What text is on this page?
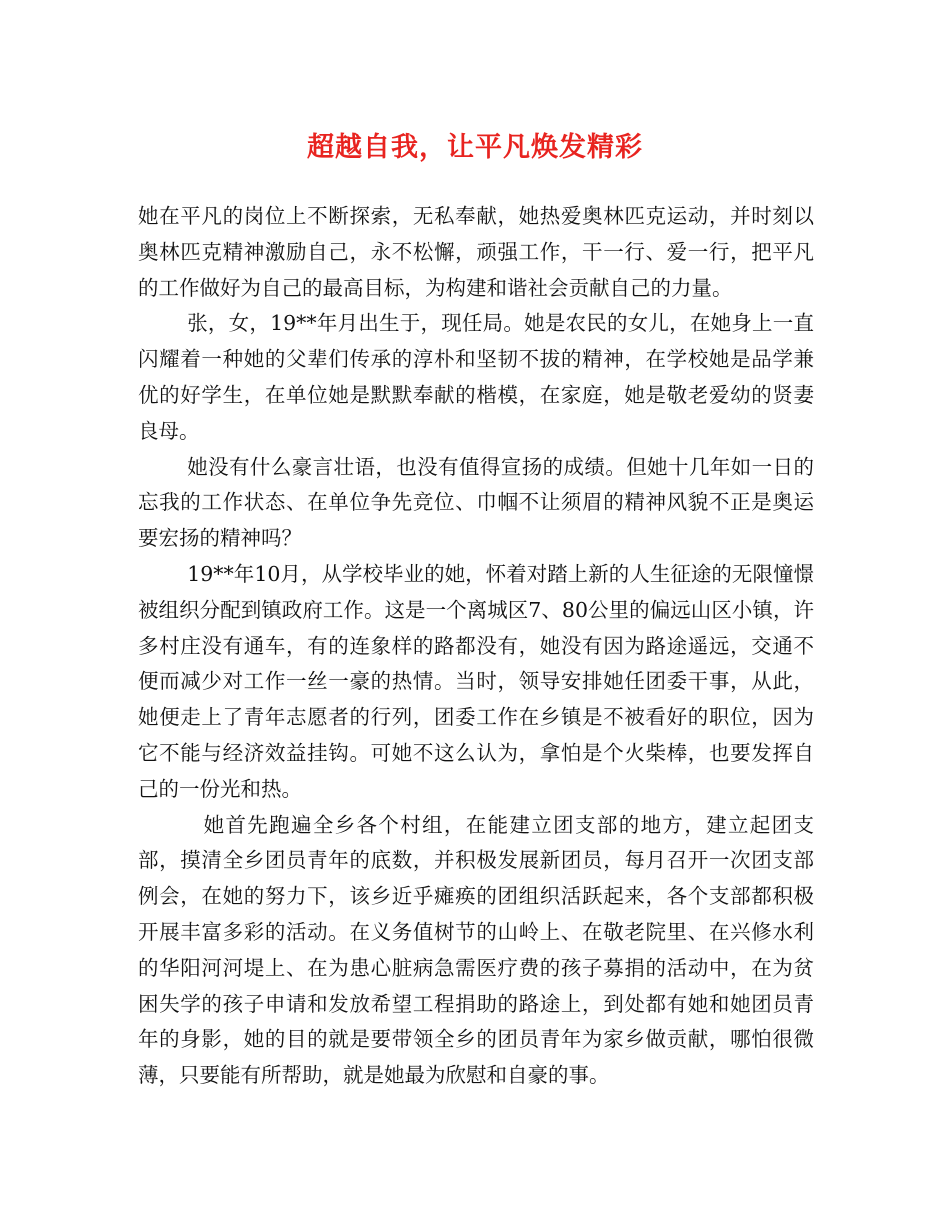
超越自我，让平凡焕发精彩

她在平凡的岗位上不断探索，无私奉献，她热爱奥林匹克运动，并时刻以奥林匹克精神激励自己，永不松懈，顽强工作，干一行、爱一行，把平凡的工作做好为自己的最高目标，为构建和谐社会贡献自己的力量。

张，女，19**年月出生于，现任局。她是农民的女儿，在她身上一直闪耀着一种她的父辈们传承的淳朴和坚韧不拔的精神，在学校她是品学兼优的好学生，在单位她是默默奉献的楷模，在家庭，她是敬老爱幼的贤妻良母。

她没有什么豪言壮语，也没有值得宣扬的成绩。但她十几年如一日的忘我的工作状态、在单位争先竞位、巾帼不让须眉的精神风貌不正是奥运要宏扬的精神吗？

19**年10月，从学校毕业的她，怀着对踏上新的人生征途的无限憧憬被组织分配到镇政府工作。这是一个离城区7、80公里的偏远山区小镇，许多村庄没有通车，有的连象样的路都没有，她没有因为路途遥远，交通不便而减少对工作一丝一豪的热情。当时，领导安排她任团委干事，从此，她便走上了青年志愿者的行列，团委工作在乡镇是不被看好的职位，因为它不能与经济效益挂钩。可她不这么认为，拿怕是个火柴棒，也要发挥自己的一份光和热。

她首先跑遍全乡各个村组，在能建立团支部的地方，建立起团支部，摸清全乡团员青年的底数，并积极发展新团员，每月召开一次团支部例会，在她的努力下，该乡近乎瘫痪的团组织活跃起来，各个支部都积极开展丰富多彩的活动。在义务值树节的山岭上、在敬老院里、在兴修水利的华阳河河堤上、在为患心脏病急需医疗费的孩子募捐的活动中，在为贫困失学的孩子申请和发放希望工程捐助的路途上，到处都有她和她团员青年的身影，她的目的就是要带领全乡的团员青年为家乡做贡献，哪怕很微薄，只要能有所帮助，就是她最为欣慰和自豪的事。
